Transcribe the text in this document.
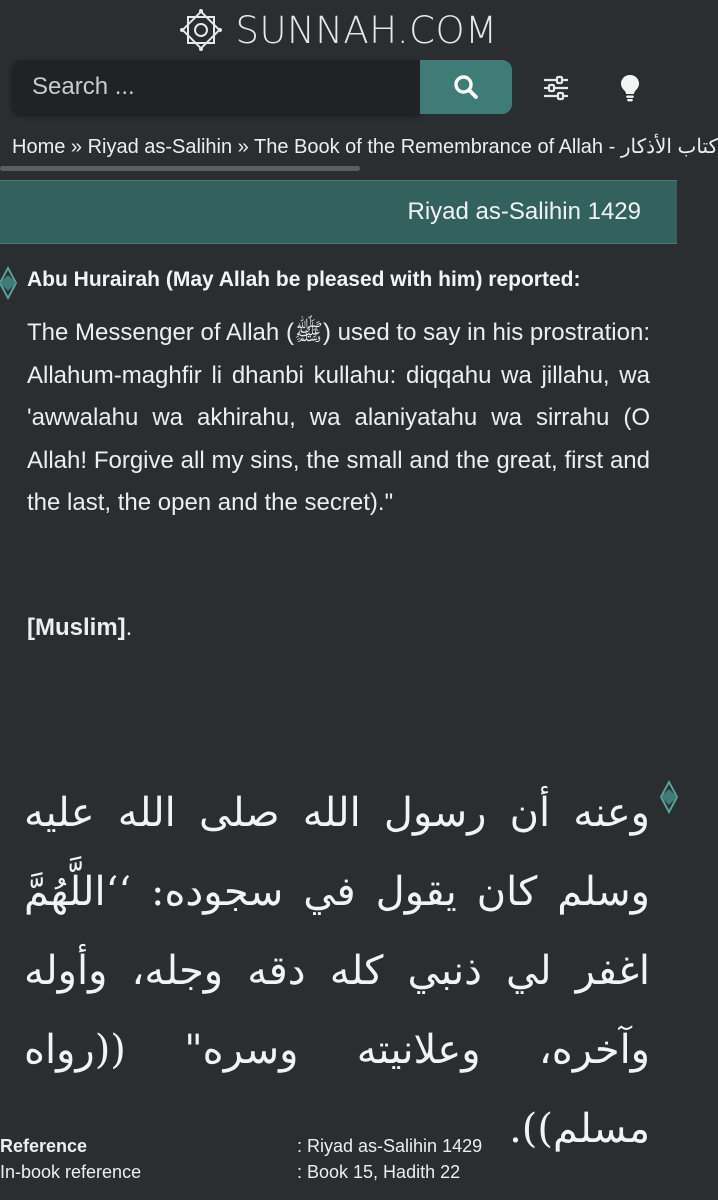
SUNNAH.COM
Search ...
Home » Riyad as-Salihin » The Book of the Remembrance of Allah - كتاب الأذكار
Riyad as-Salihin 1429
Abu Hurairah (May Allah be pleased with him) reported:
The Messenger of Allah (ﷺ) used to say in his prostration: Allahum-maghfir li dhanbi kullahu: diqqahu wa jillahu, wa 'awwalahu wa akhirahu, wa alaniyatahu wa sirrahu (O Allah! Forgive all my sins, the small and the great, first and the last, the open and the secret)."
[Muslim].
وعنه أن رسول الله صلى الله عليه وسلم كان يقول في سجوده: ‘‘اللَّهُمَّ اغفر لي ذنبي كله دقه وجله، وأوله وآخره، وعلانيته وسره" ((رواه مسلم)).
Reference	: Riyad as-Salihin 1429
In-book reference	: Book 15, Hadith 22
